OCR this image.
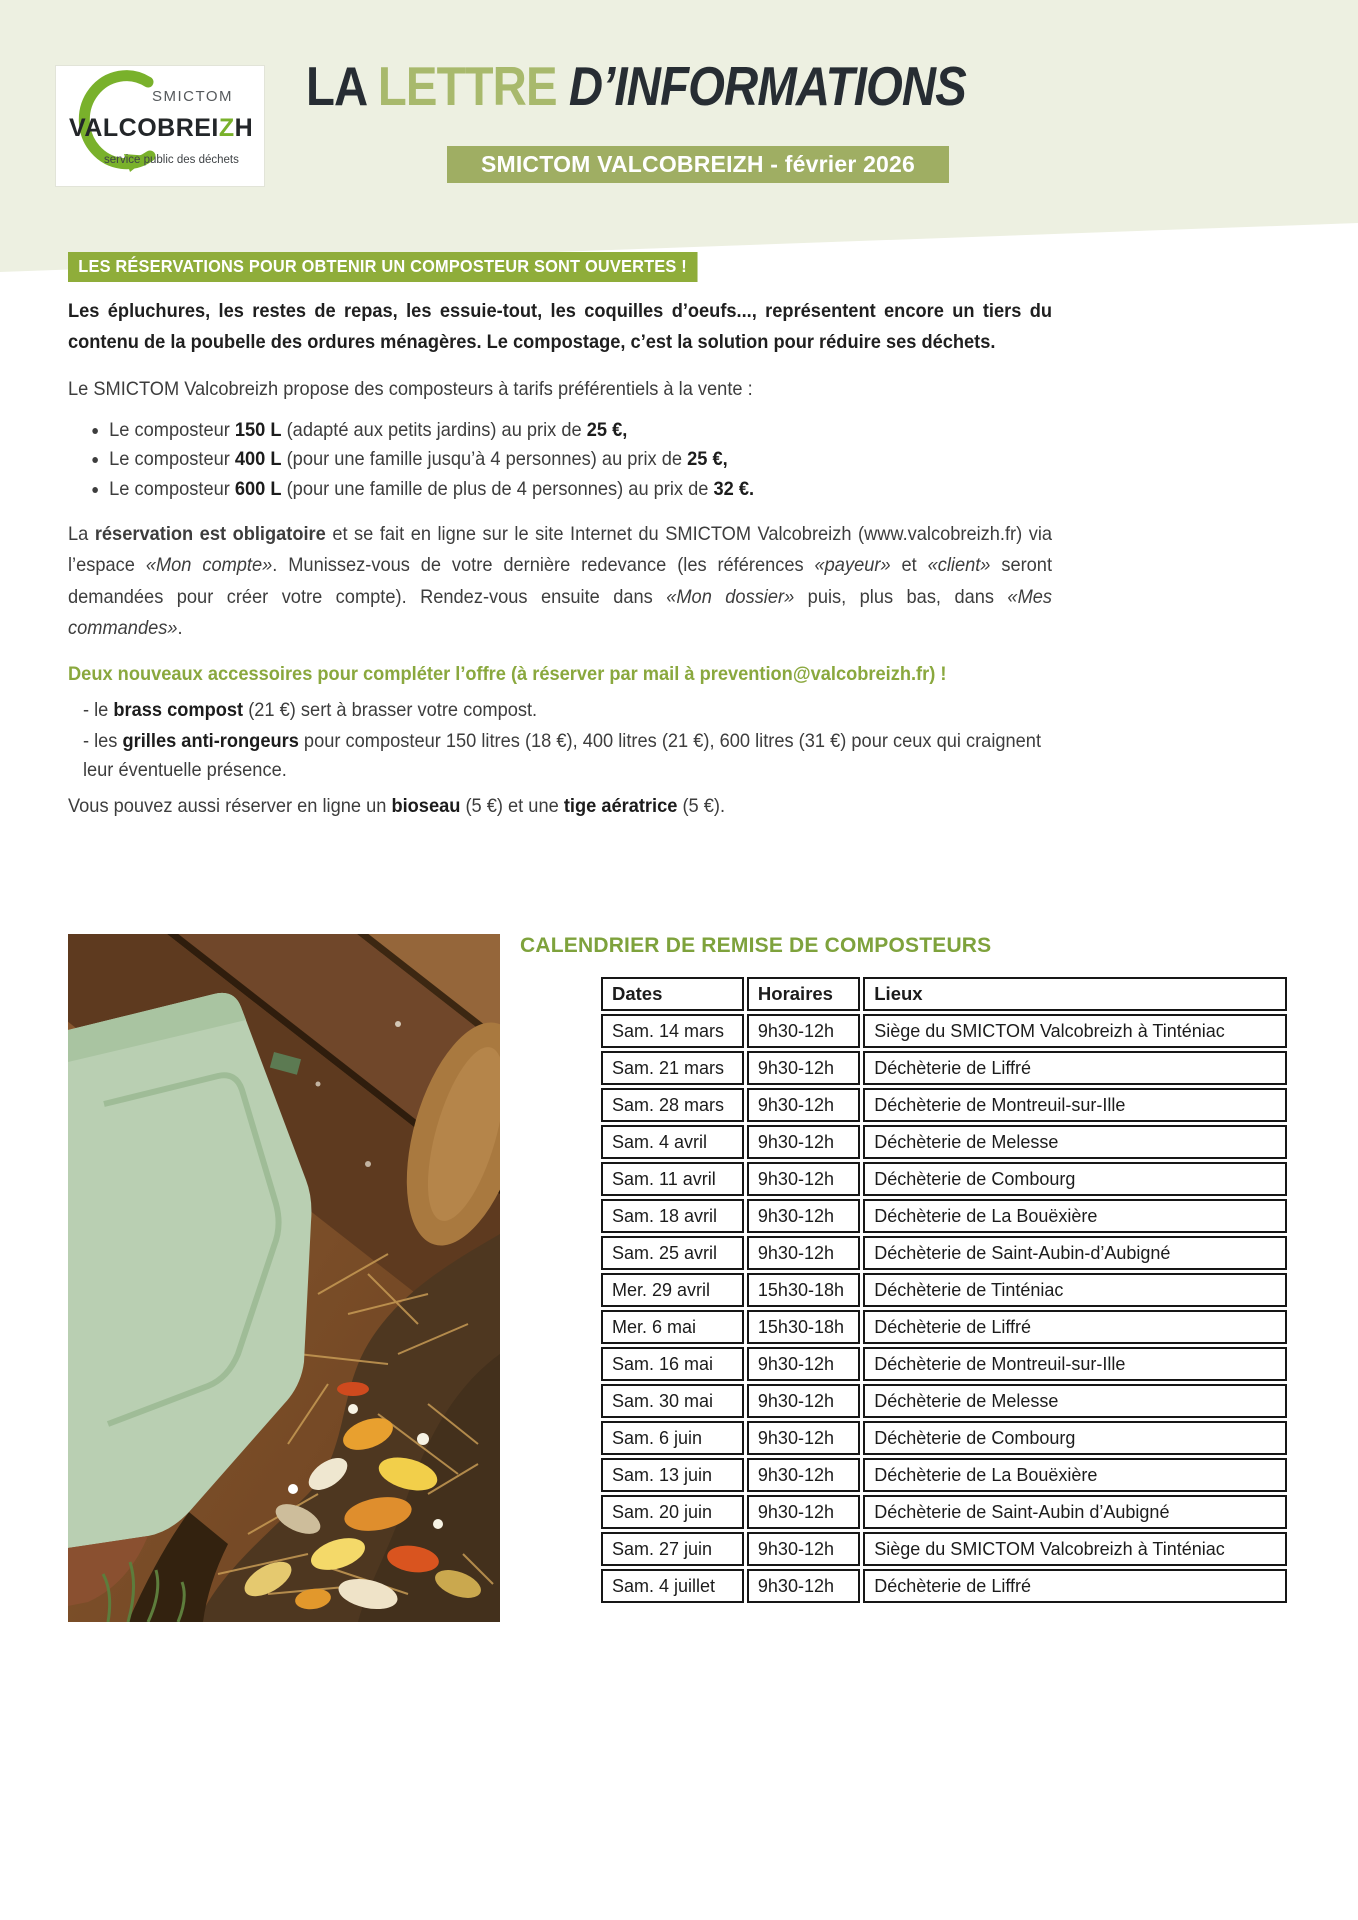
SMICTOM
VALCOBREIZH
service public des déchets
LA LETTRE D’INFORMATIONS
SMICTOM VALCOBREIZH - février 2026
LES RÉSERVATIONS POUR OBTENIR UN COMPOSTEUR SONT OUVERTES !

Les épluchures, les restes de repas, les essuie-tout, les coquilles d’oeufs..., représentent encore un tiers du contenu de la poubelle des ordures ménagères. Le compostage, c’est la solution pour réduire ses déchets.

Le SMICTOM Valcobreizh propose des composteurs à tarifs préférentiels à la vente :

• Le composteur 150 L (adapté aux petits jardins) au prix de 25 €,
• Le composteur 400 L (pour une famille jusqu’à 4 personnes) au prix de 25 €,
• Le composteur 600 L (pour une famille de plus de 4 personnes) au prix de 32 €.

La réservation est obligatoire et se fait en ligne sur le site Internet du SMICTOM Valcobreizh (www.valcobreizh.fr) via l’espace «Mon compte». Munissez-vous de votre dernière redevance (les références «payeur» et «client» seront demandées pour créer votre compte). Rendez-vous ensuite dans «Mon dossier» puis, plus bas, dans «Mes commandes».

Deux nouveaux accessoires pour compléter l’offre (à réserver par mail à prevention@valcobreizh.fr) !

- le brass compost (21 €) sert à brasser votre compost.

- les grilles anti-rongeurs pour composteur 150 litres (18 €), 400 litres (21 €), 600 litres (31 €) pour ceux qui craignent leur éventuelle présence.

Vous pouvez aussi réserver en ligne un bioseau (5 €) et une tige aératrice (5 €).

CALENDRIER DE REMISE DE COMPOSTEURS
Dates	Horaires	Lieux
Sam. 14 mars	9h30-12h	Siège du SMICTOM Valcobreizh à Tinténiac
Sam. 21 mars	9h30-12h	Déchèterie de Liffré
Sam. 28 mars	9h30-12h	Déchèterie de Montreuil-sur-Ille
Sam. 4 avril	9h30-12h	Déchèterie de Melesse
Sam. 11 avril	9h30-12h	Déchèterie de Combourg
Sam. 18 avril	9h30-12h	Déchèterie de La Bouëxière
Sam. 25 avril	9h30-12h	Déchèterie de Saint-Aubin-d’Aubigné
Mer. 29 avril	15h30-18h	Déchèterie de Tinténiac
Mer. 6 mai	15h30-18h	Déchèterie de Liffré
Sam. 16 mai	9h30-12h	Déchèterie de Montreuil-sur-Ille
Sam. 30 mai	9h30-12h	Déchèterie de Melesse
Sam. 6 juin	9h30-12h	Déchèterie de Combourg
Sam. 13 juin	9h30-12h	Déchèterie de La Bouëxière
Sam. 20 juin	9h30-12h	Déchèterie de Saint-Aubin d’Aubigné
Sam. 27 juin	9h30-12h	Siège du SMICTOM Valcobreizh à Tinténiac
Sam. 4 juillet	9h30-12h	Déchèterie de Liffré
